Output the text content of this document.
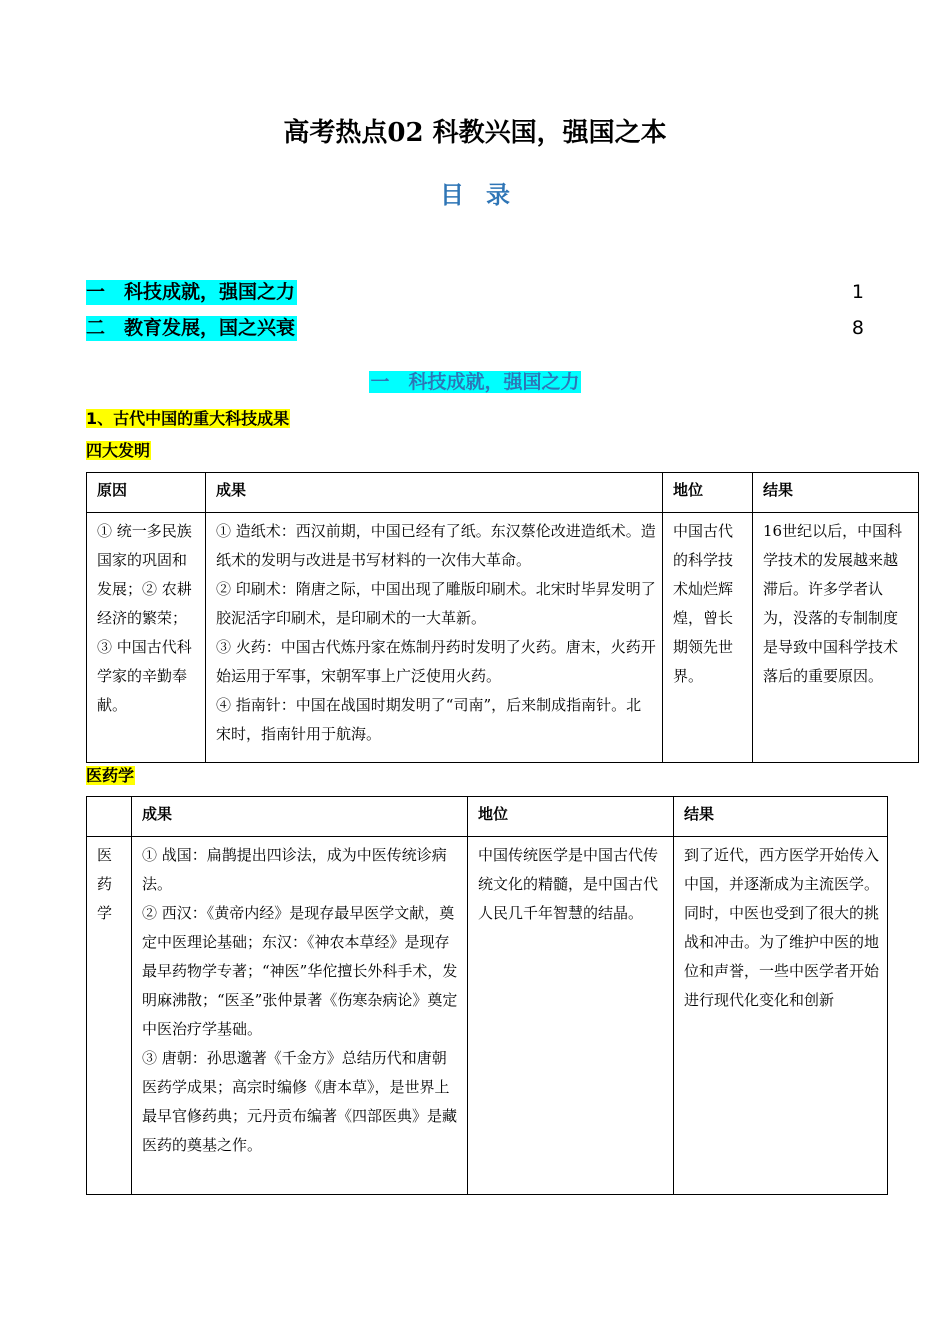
高考热点02 科教兴国，强国之本
目录
一　科技成就，强国之力	1
二　教育发展，国之兴衰	8
一　科技成就，强国之力
1、古代中国的重大科技成果
四大发明
原因	成果	地位	结果
① 统一多民族国家的巩固和发展；② 农耕经济的繁荣；③ 中国古代科学家的辛勤奉献。	① 造纸术：西汉前期，中国已经有了纸。东汉蔡伦改进造纸术。造纸术的发明与改进是书写材料的一次伟大革命。
② 印刷术：隋唐之际，中国出现了雕版印刷术。北宋时毕昇发明了胶泥活字印刷术，是印刷术的一大革新。
③ 火药：中国古代炼丹家在炼制丹药时发明了火药。唐末，火药开始运用于军事，宋朝军事上广泛使用火药。
④ 指南针：中国在战国时期发明了“司南”，后来制成指南针。北宋时，指南针用于航海。	中国古代的科学技术灿烂辉煌，曾长期领先世界。	16世纪以后，中国科学技术的发展越来越滞后。许多学者认为，没落的专制制度是导致中国科学技术落后的重要原因。
医药学
	成果	地位	结果
医药学	① 战国：扁鹊提出四诊法，成为中医传统诊病法。
② 西汉：《黄帝内经》是现存最早医学文献，奠定中医理论基础；东汉：《神农本草经》是现存最早药物学专著；“神医”华佗擅长外科手术，发明麻沸散；“医圣”张仲景著《伤寒杂病论》奠定中医治疗学基础。
③ 唐朝：孙思邈著《千金方》总结历代和唐朝医药学成果；高宗时编修《唐本草》，是世界上最早官修药典；元丹贡布编著《四部医典》是藏医药的奠基之作。	中国传统医学是中国古代传统文化的精髓，是中国古代人民几千年智慧的结晶。	到了近代，西方医学开始传入中国，并逐渐成为主流医学。同时，中医也受到了很大的挑战和冲击。为了维护中医的地位和声誉，一些中医学者开始进行现代化变化和创新
